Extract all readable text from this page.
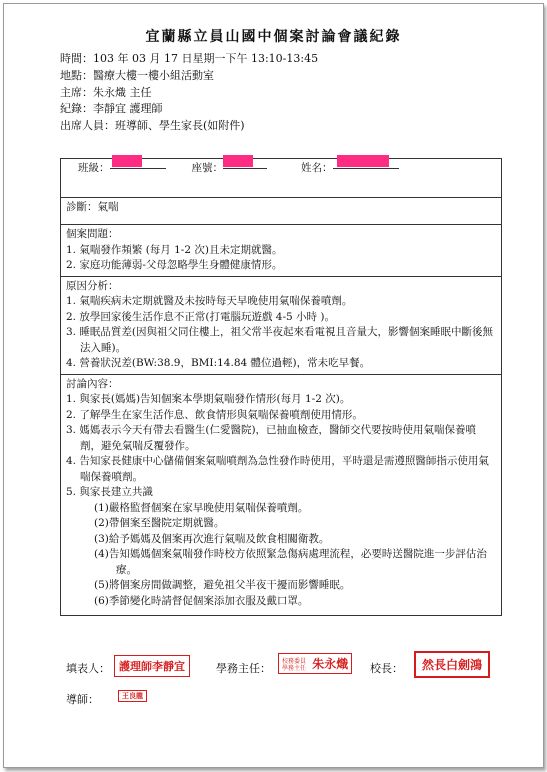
宜蘭縣立員山國中個案討論會議紀錄
時間：103 年 03 月 17 日星期一下午 13:10-13:45
地點：醫療大樓一樓小組活動室
主席：朱永熾 主任
紀錄：李靜宜 護理師
出席人員：班導師、學生家長(如附件)
班級：	座號：	姓名：

診斷：氣喘

個案問題：
1. 氣喘發作頻繁 (每月 1-2 次)且未定期就醫。
2. 家庭功能薄弱-父母忽略學生身體健康情形。

原因分析：
1. 氣喘疾病未定期就醫及未按時每天早晚使用氣喘保養噴劑。
2. 放學回家後生活作息不正常(打電腦玩遊戲 4-5 小時 )。
3. 睡眠品質差(因與祖父同住樓上，祖父常半夜起來看電視且音量大，影響個案睡眠中斷後無法入睡)。
4. 營養狀況差(BW:38.9，BMI:14.84 體位過輕)，常未吃早餐。

討論內容：
1. 與家長(媽媽)告知個案本學期氣喘發作情形(每月 1-2 次)。
2. 了解學生在家生活作息、飲食情形與氣喘保養噴劑使用情形。
3. 媽媽表示今天有帶去看醫生(仁愛醫院)，已抽血檢查，醫師交代要按時使用氣喘保養噴劑，避免氣喘反覆發作。
4. 告知家長健康中心儲備個案氣喘噴劑為急性發作時使用，平時還是需遵照醫師指示使用氣喘保養噴劑。
5. 與家長建立共識
(1)嚴格監督個案在家早晚使用氣喘保養噴劑。
(2)帶個案至醫院定期就醫。
(3)給予媽媽及個案再次進行氣喘及飲食相關衛教。
(4)告知媽媽個案氣喘發作時校方依照緊急傷病處理流程，必要時送醫院進一步評估治療。
(5)將個案房間做調整，避免祖父半夜干擾而影響睡眠。
(6)季節變化時請督促個案添加衣服及戴口罩。
填表人： 護理師李靜宜	學務主任：
校務委員學務主任 朱永熾	校長：	然長白劍鴻
導師：	王良龍
